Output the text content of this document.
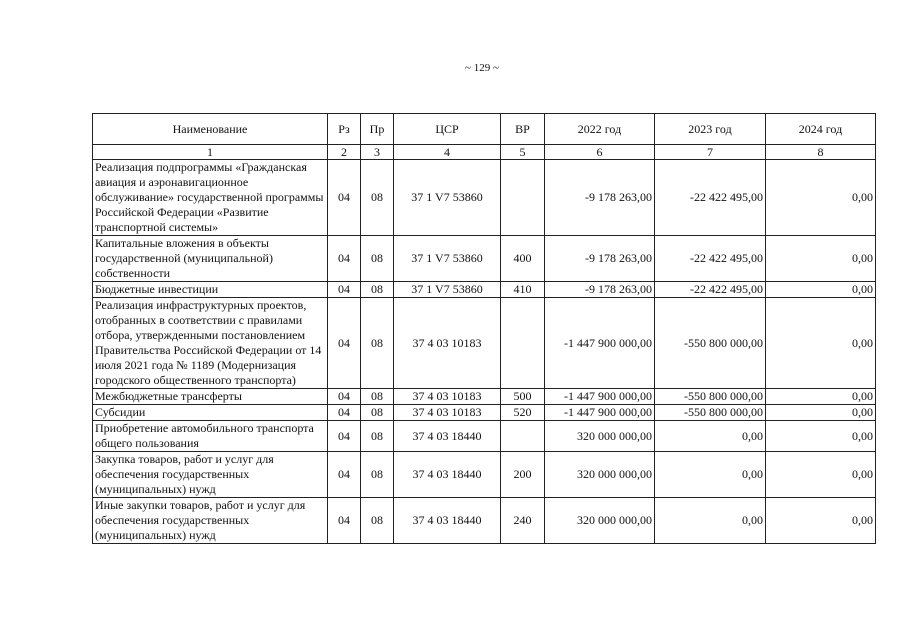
~ 129 ~
Наименование	Рз	Пр	ЦСР	ВР	2022 год	2023 год	2024 год
1	2	3	4	5	6	7	8
Реализация подпрограммы «Гражданская авиация и аэронавигационное обслуживание» государственной программы Российской Федерации «Развитие транспортной системы»	04	08	37 1 V7 53860		-9 178 263,00	-22 422 495,00	0,00
Капитальные вложения в объекты государственной (муниципальной) собственности	04	08	37 1 V7 53860	400	-9 178 263,00	-22 422 495,00	0,00
Бюджетные инвестиции	04	08	37 1 V7 53860	410	-9 178 263,00	-22 422 495,00	0,00
Реализация инфраструктурных проектов, отобранных в соответствии с правилами отбора, утвержденными постановлением Правительства Российской Федерации от 14 июля 2021 года № 1189 (Модернизация городского общественного транспорта)	04	08	37 4 03 10183		-1 447 900 000,00	-550 800 000,00	0,00
Межбюджетные трансферты	04	08	37 4 03 10183	500	-1 447 900 000,00	-550 800 000,00	0,00
Субсидии	04	08	37 4 03 10183	520	-1 447 900 000,00	-550 800 000,00	0,00
Приобретение автомобильного транспорта общего пользования	04	08	37 4 03 18440		320 000 000,00	0,00	0,00
Закупка товаров, работ и услуг для обеспечения государственных (муниципальных) нужд	04	08	37 4 03 18440	200	320 000 000,00	0,00	0,00
Иные закупки товаров, работ и услуг для обеспечения государственных (муниципальных) нужд	04	08	37 4 03 18440	240	320 000 000,00	0,00	0,00
